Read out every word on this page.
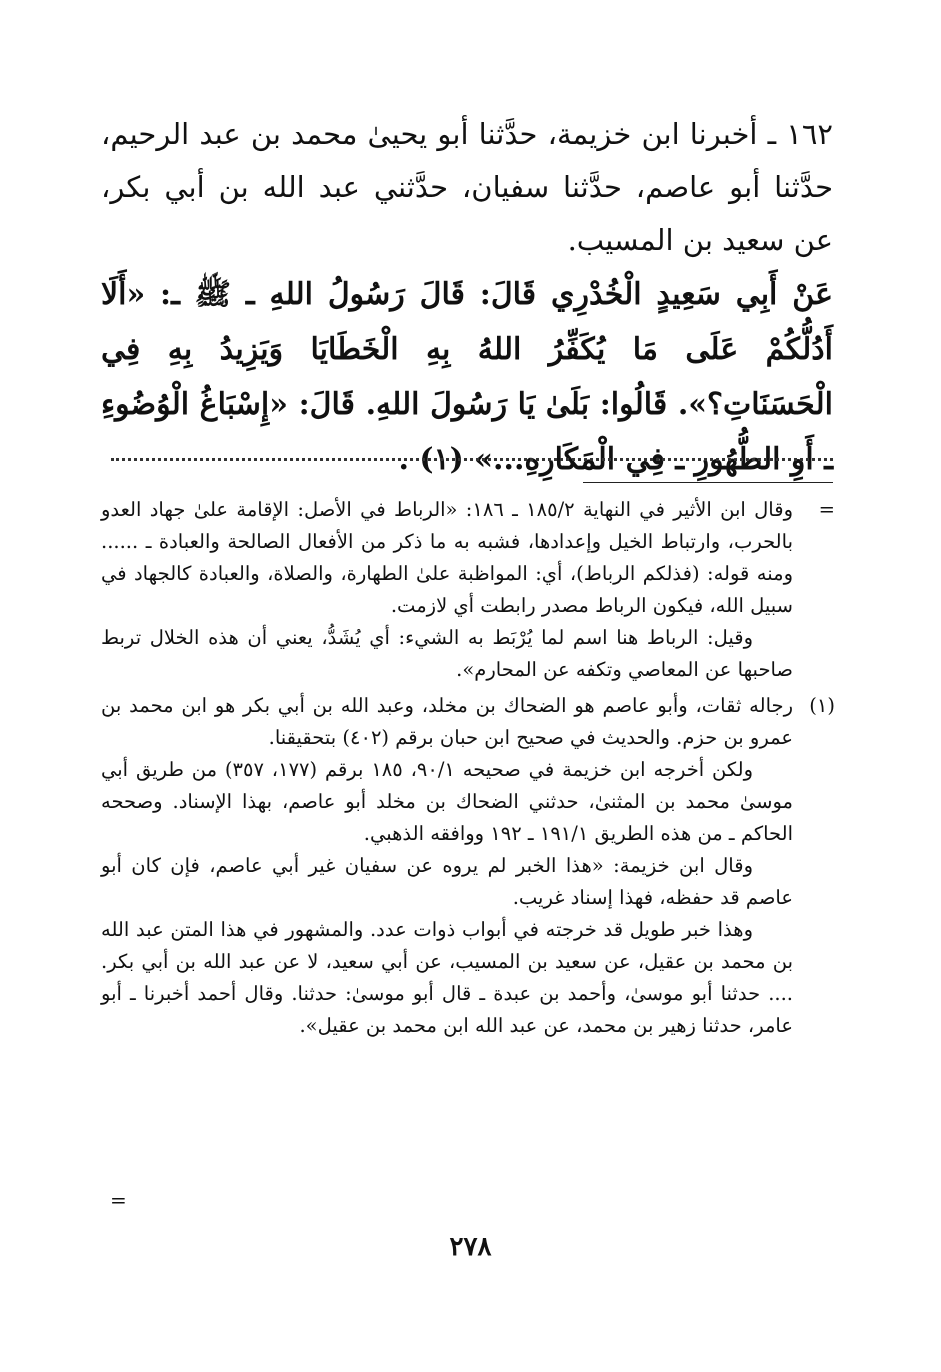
١٦٢ ـ أخبرنا ابن خزيمة، حدَّثنا أبو يحيىٰ محمد بن عبد الرحيم، حدَّثنا أبو عاصم، حدَّثنا سفيان، حدَّثني عبد الله بن أبي بكر، عن سعيد بن المسيب.

عَنْ أَبِي سَعِيدٍ الْخُدْرِي قَالَ: قَالَ رَسُولُ اللهِ ـ ﷺ ـ: «أَلَا أَدُلُّكُمْ عَلَى مَا يُكَفِّرُ اللهُ بِهِ الْخَطَايَا وَيَزِيدُ بِهِ فِي الْحَسَنَاتِ؟». قَالُوا: بَلَىٰ يَا رَسُولَ اللهِ. قَالَ: «إِسْبَاغُ الْوُضُوءِ ـ أَوِ الطُّهُورِ ـ فِي الْمَكَارِهِ...» (١) .

=

وقال ابن الأثير في النهاية ١٨٥/٢ ـ ١٨٦: «الرباط في الأصل: الإقامة علىٰ جهاد العدو بالحرب، وارتباط الخيل وإعدادها، فشبه به ما ذكر من الأفعال الصالحة والعبادة ـ ...... ومنه قوله: (فذلكم الرباط)، أي: المواظبة علىٰ الطهارة، والصلاة، والعبادة كالجهاد في سبيل الله، فيكون الرباط مصدر رابطت أي لازمت.

وقيل: الرباط هنا اسم لما يُرْبَط به الشيء: أي يُشَدُّ، يعني أن هذه الخلال تربط صاحبها عن المعاصي وتكفه عن المحارم».

(١)

رجاله ثقات، وأبو عاصم هو الضحاك بن مخلد، وعبد الله بن أبي بكر هو ابن محمد بن عمرو بن حزم. والحديث في صحيح ابن حبان برقم (٤٠٢) بتحقيقنا.

ولكن أخرجه ابن خزيمة في صحيحه ٩٠/١، ١٨٥ برقم (١٧٧، ٣٥٧) من طريق أبي موسىٰ محمد بن المثنىٰ، حدثني الضحاك بن مخلد أبو عاصم، بهذا الإسناد. وصححه الحاكم ـ من هذه الطريق ١٩١/١ ـ ١٩٢ ووافقه الذهبي.

وقال ابن خزيمة: «هذا الخبر لم يروه عن سفيان غير أبي عاصم، فإن كان أبو عاصم قد حفظه، فهذا إسناد غريب.

وهذا خبر طويل قد خرجته في أبواب ذوات عدد. والمشهور في هذا المتن عبد الله بن محمد بن عقيل، عن سعيد بن المسيب، عن أبي سعيد، لا عن عبد الله بن أبي بكر. .... حدثنا أبو موسىٰ، وأحمد بن عبدة ـ قال أبو موسىٰ: حدثنا. وقال أحمد أخبرنا ـ أبو عامر، حدثنا زهير بن محمد، عن عبد الله ابن محمد بن عقيل».

=
٢٧٨
